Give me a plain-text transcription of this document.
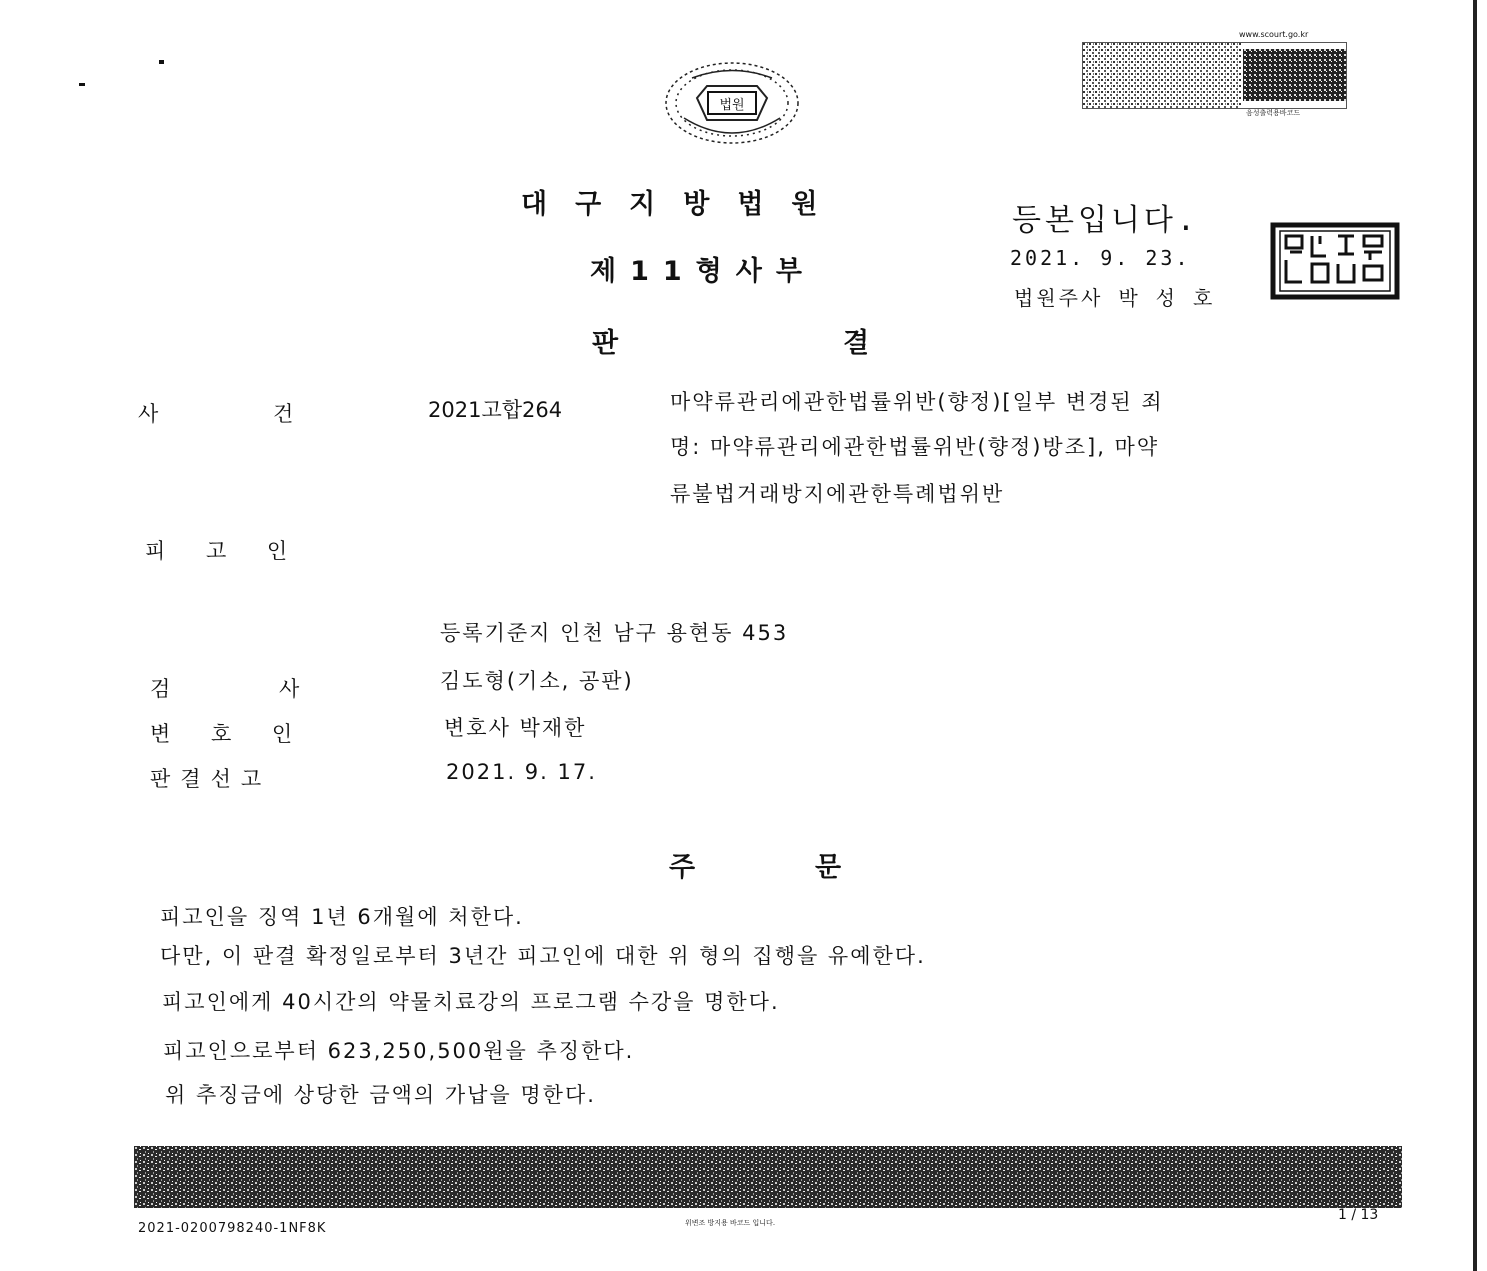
법원
www.scourt.go.kr
음성출력용바코드
대구지방법원
제11형사부
판	결
등본입니다.
2021. 9. 23.
법원주사 박 성 호
사 건	2021고합264	마약류관리에관한법률위반(향정)[일부 변경된 죄
명: 마약류관리에관한법률위반(향정)방조], 마약
류불법거래방지에관한특례법위반
피 고 인
등록기준지 인천 남구 용현동 453
검 사	김도형(기소, 공판)
변 호 인	변호사 박재한
판결선고	2021. 9. 17.
주	문
피고인을 징역 1년 6개월에 처한다.
다만, 이 판결 확정일로부터 3년간 피고인에 대한 위 형의 집행을 유예한다.
피고인에게 40시간의 약물치료강의 프로그램 수강을 명한다.
피고인으로부터 623,250,500원을 추징한다.
위 추징금에 상당한 금액의 가납을 명한다.
2021-0200798240-1NF8K	위변조 방지용 바코드 입니다.	1 / 13
